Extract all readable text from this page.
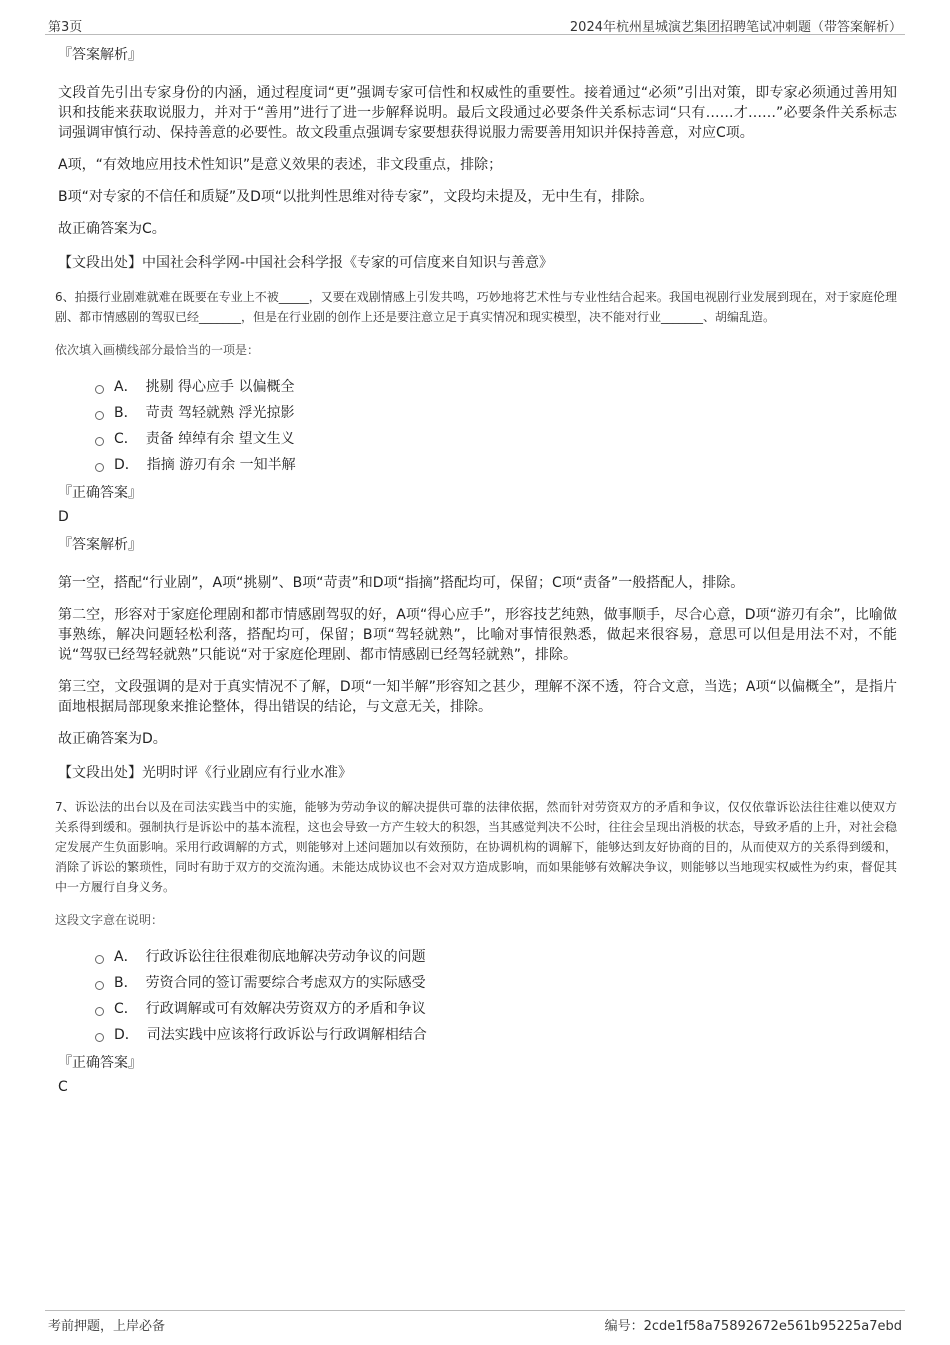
第3页	2024年杭州星城演艺集团招聘笔试冲刺题（带答案解析）
『答案解析』

文段首先引出专家身份的内涵，通过程度词“更”强调专家可信性和权威性的重要性。接着通过“必须”引出对策，即专家必须通过善用知识和技能来获取说服力，并对于“善用”进行了进一步解释说明。最后文段通过必要条件关系标志词“只有……才……”必要条件关系标志词强调审慎行动、保持善意的必要性。故文段重点强调专家要想获得说服力需要善用知识并保持善意，对应C项。

A项，“有效地应用技术性知识”是意义效果的表述，非文段重点，排除；

B项“对专家的不信任和质疑”及D项“以批判性思维对待专家”，文段均未提及，无中生有，排除。

故正确答案为C。

【文段出处】中国社会科学网-中国社会科学报《专家的可信度来自知识与善意》

6、拍摄行业剧难就难在既要在专业上不被_____，又要在戏剧情感上引发共鸣，巧妙地将艺术性与专业性结合起来。我国电视剧行业发展到现在，对于家庭伦理剧、都市情感剧的驾驭已经_______，但是在行业剧的创作上还是要注意立足于真实情况和现实模型，决不能对行业_______、胡编乱造。
依次填入画横线部分最恰当的一项是：
A． 挑剔 得心应手 以偏概全
B． 苛责 驾轻就熟 浮光掠影
C． 责备 绰绰有余 望文生义
D． 指摘 游刃有余 一知半解
『正确答案』
D
『答案解析』

第一空，搭配“行业剧”，A项“挑剔”、B项“苛责”和D项“指摘”搭配均可，保留；C项“责备”一般搭配人，排除。

第二空，形容对于家庭伦理剧和都市情感剧驾驭的好，A项“得心应手”，形容技艺纯熟，做事顺手，尽合心意，D项“游刃有余”，比喻做事熟练，解决问题轻松利落，搭配均可，保留；B项“驾轻就熟”，比喻对事情很熟悉，做起来很容易，意思可以但是用法不对，不能说“驾驭已经驾轻就熟”只能说“对于家庭伦理剧、都市情感剧已经驾轻就熟”，排除。

第三空，文段强调的是对于真实情况不了解，D项“一知半解”形容知之甚少，理解不深不透，符合文意，当选；A项“以偏概全”，是指片面地根据局部现象来推论整体，得出错误的结论，与文意无关，排除。

故正确答案为D。

【文段出处】光明时评《行业剧应有行业水准》

7、诉讼法的出台以及在司法实践当中的实施，能够为劳动争议的解决提供可靠的法律依据，然而针对劳资双方的矛盾和争议，仅仅依靠诉讼法往往难以使双方关系得到缓和。强制执行是诉讼中的基本流程，这也会导致一方产生较大的积怨，当其感觉判决不公时，往往会呈现出消极的状态，导致矛盾的上升，对社会稳定发展产生负面影响。采用行政调解的方式，则能够对上述问题加以有效预防，在协调机构的调解下，能够达到友好协商的目的，从而使双方的关系得到缓和，消除了诉讼的繁琐性，同时有助于双方的交流沟通。未能达成协议也不会对双方造成影响，而如果能够有效解决争议，则能够以当地现实权威性为约束，督促其中一方履行自身义务。
这段文字意在说明：
A． 行政诉讼往往很难彻底地解决劳动争议的问题
B． 劳资合同的签订需要综合考虑双方的实际感受
C． 行政调解或可有效解决劳资双方的矛盾和争议
D． 司法实践中应该将行政诉讼与行政调解相结合
『正确答案』
C
考前押题，上岸必备	编号：2cde1f58a75892672e561b95225a7ebd
